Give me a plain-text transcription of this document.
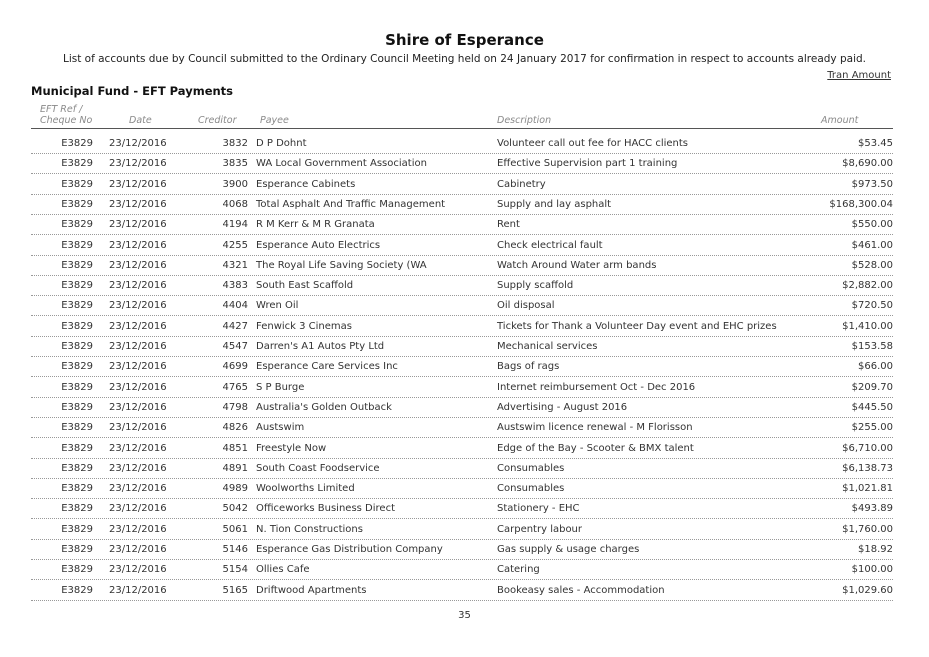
Shire of Esperance
List of accounts due by Council submitted to the Ordinary Council Meeting held on 24 January 2017 for confirmation in respect to accounts already paid.
Tran Amount
Municipal Fund - EFT Payments
EFT Ref /
Cheque No	Date	Creditor Payee	Description	Amount
E3829 23/12/2016	3832 D P Dohnt	Volunteer call out fee for HACC clients	$53.45
E3829 23/12/2016	3835 WA Local Government Association	Effective Supervision part 1 training	$8,690.00
E3829 23/12/2016	3900 Esperance Cabinets	Cabinetry	$973.50
E3829 23/12/2016	4068 Total Asphalt And Traffic Management	Supply and lay asphalt	$168,300.04
E3829 23/12/2016	4194 R M Kerr & M R Granata	Rent	$550.00
E3829 23/12/2016	4255 Esperance Auto Electrics	Check electrical fault	$461.00
E3829 23/12/2016	4321 The Royal Life Saving Society (WA	Watch Around Water arm bands	$528.00
E3829 23/12/2016	4383 South East Scaffold	Supply scaffold	$2,882.00
E3829 23/12/2016	4404 Wren Oil	Oil disposal	$720.50
E3829 23/12/2016	4427 Fenwick 3 Cinemas	Tickets for Thank a Volunteer Day event and EHC prizes	$1,410.00
E3829 23/12/2016	4547 Darren's A1 Autos Pty Ltd	Mechanical services	$153.58
E3829 23/12/2016	4699 Esperance Care Services Inc	Bags of rags	$66.00
E3829 23/12/2016	4765 S P Burge	Internet reimbursement Oct - Dec 2016	$209.70
E3829 23/12/2016	4798 Australia's Golden Outback	Advertising - August 2016	$445.50
E3829 23/12/2016	4826 Austswim	Austswim licence renewal - M Florisson	$255.00
E3829 23/12/2016	4851 Freestyle Now	Edge of the Bay - Scooter & BMX talent	$6,710.00
E3829 23/12/2016	4891 South Coast Foodservice	Consumables	$6,138.73
E3829 23/12/2016	4989 Woolworths Limited	Consumables	$1,021.81
E3829 23/12/2016	5042 Officeworks Business Direct	Stationery - EHC	$493.89
E3829 23/12/2016	5061 N. Tion Constructions	Carpentry labour	$1,760.00
E3829 23/12/2016	5146 Esperance Gas Distribution Company	Gas supply & usage charges	$18.92
E3829 23/12/2016	5154 Ollies Cafe	Catering	$100.00
E3829 23/12/2016	5165 Driftwood Apartments	Bookeasy sales - Accommodation	$1,029.60
35
